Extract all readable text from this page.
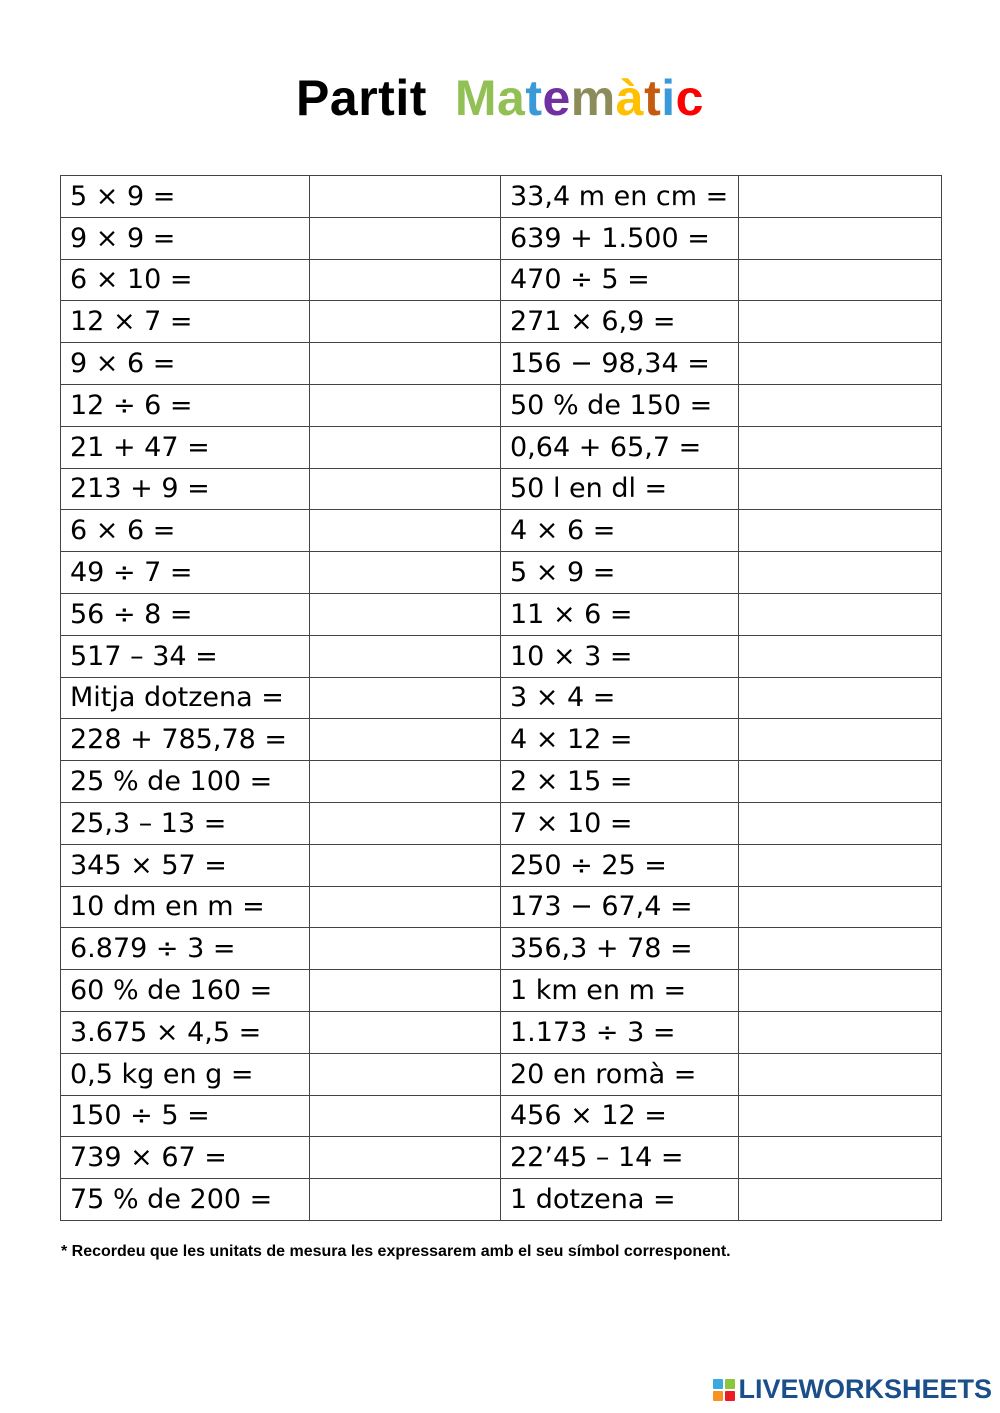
Partit Matemàtic
5 × 9 =		33,4 m en cm =	
9 × 9 =		639 + 1.500 =	
6 × 10 =		470 ÷ 5 =	
12 × 7 =		271 × 6,9 =	
9 × 6 =		156 − 98,34 =	
12 ÷ 6 =		50 % de 150 =	
21 + 47 =		0,64 + 65,7 =	
213 + 9 =		50 l en dl =	
6 × 6 =		4 × 6 =	
49 ÷ 7 =		5 × 9 =	
56 ÷ 8 =		11 × 6 =	
517 – 34 =		10 × 3 =	
Mitja dotzena =		3 × 4 =	
228 + 785,78 =		4 × 12 =	
25 % de 100 =		2 × 15 =	
25,3 – 13 =		7 × 10 =	
345 × 57 =		250 ÷ 25 =	
10 dm en m =		173 − 67,4 =	
6.879 ÷ 3 =		356,3 + 78 =	
60 % de 160 =		1 km en m =	
3.675 × 4,5 =		1.173 ÷ 3 =	
0,5 kg en g =		20 en romà =	
150 ÷ 5 =		456 × 12 =	
739 × 67 =		22’45 – 14 =	
75 % de 200 =		1 dotzena =	
* Recordeu que les unitats de mesura les expressarem amb el seu símbol corresponent.
LIVEWORKSHEETS
